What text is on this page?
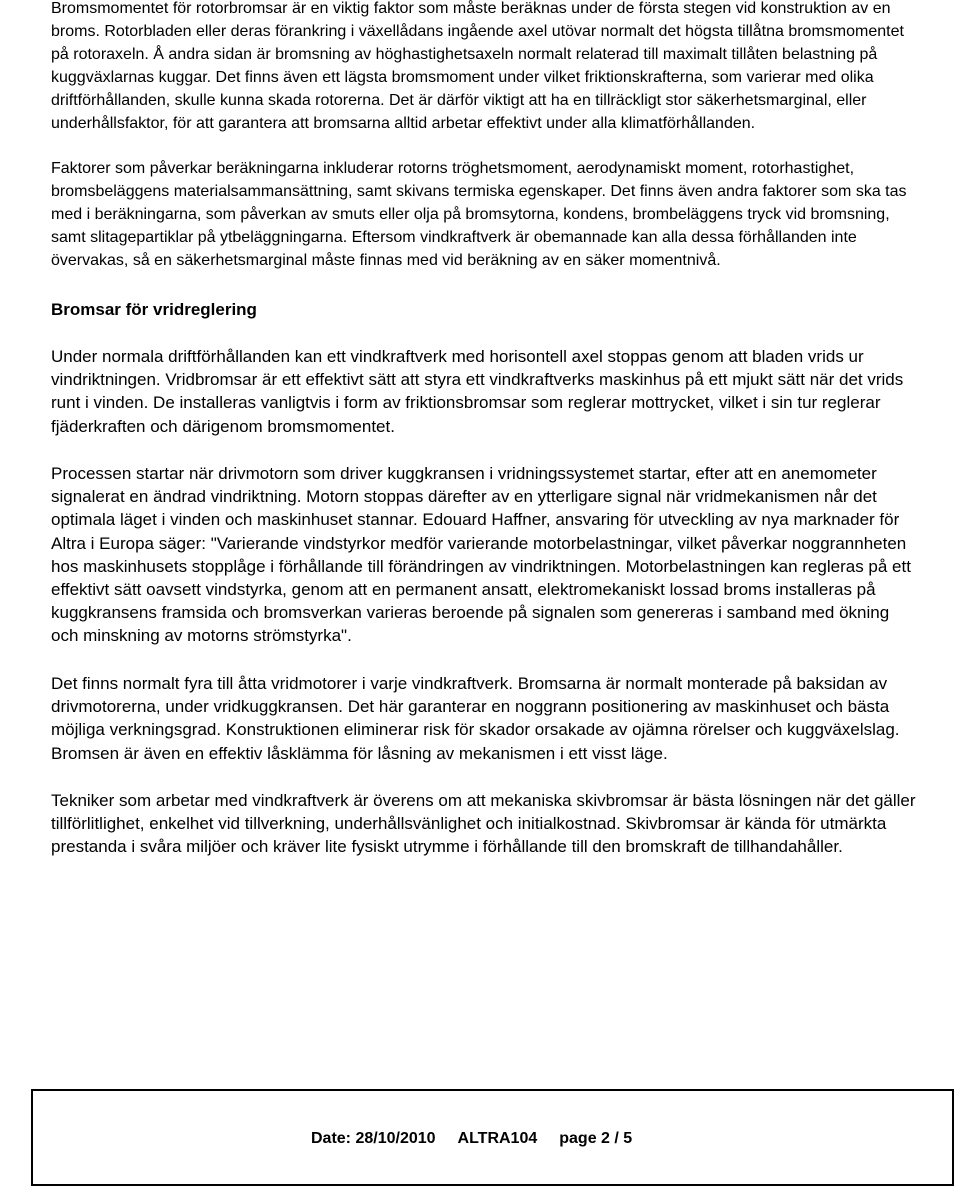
Bromsmomentet för rotorbromsar är en viktig faktor som måste beräknas under de första stegen vid konstruktion av en broms. Rotorbladen eller deras förankring i växellådans ingående axel utövar normalt det högsta tillåtna bromsmomentet på rotoraxeln. Å andra sidan är bromsning av höghastighetsaxeln normalt relaterad till maximalt tillåten belastning på kuggväxlarnas kuggar. Det finns även ett lägsta bromsmoment under vilket friktionskrafterna, som varierar med olika driftförhållanden, skulle kunna skada rotorerna. Det är därför viktigt att ha en tillräckligt stor säkerhetsmarginal, eller underhållsfaktor, för att garantera att bromsarna alltid arbetar effektivt under alla klimatförhållanden.

Faktorer som påverkar beräkningarna inkluderar rotorns tröghetsmoment, aerodynamiskt moment, rotorhastighet, bromsbeläggens materialsammansättning, samt skivans termiska egenskaper. Det finns även andra faktorer som ska tas med i beräkningarna, som påverkan av smuts eller olja på bromsytorna, kondens, brombeläggens tryck vid bromsning, samt slitagepartiklar på ytbeläggningarna. Eftersom vindkraftverk är obemannade kan alla dessa förhållanden inte övervakas, så en säkerhetsmarginal måste finnas med vid beräkning av en säker momentnivå.

Bromsar för vridreglering

Under normala driftförhållanden kan ett vindkraftverk med horisontell axel stoppas genom att bladen vrids ur vindriktningen. Vridbromsar är ett effektivt sätt att styra ett vindkraftverks maskinhus på ett mjukt sätt när det vrids runt i vinden. De installeras vanligtvis i form av friktionsbromsar som reglerar mottrycket, vilket i sin tur reglerar fjäderkraften och därigenom bromsmomentet.

Processen startar när drivmotorn som driver kuggkransen i vridningssystemet startar, efter att en anemometer signalerat en ändrad vindriktning. Motorn stoppas därefter av en ytterligare signal när vridmekanismen når det optimala läget i vinden och maskinhuset stannar. Edouard Haffner, ansvaring för utveckling av nya marknader för Altra i Europa säger: "Varierande vindstyrkor medför varierande motorbelastningar, vilket påverkar noggrannheten hos maskinhusets stopplåge i förhållande till förändringen av vindriktningen. Motorbelastningen kan regleras på ett effektivt sätt oavsett vindstyrka, genom att en permanent ansatt, elektromekaniskt lossad broms installeras på kuggkransens framsida och bromsverkan varieras beroende på signalen som genereras i samband med ökning och minskning av motorns strömstyrka".

Det finns normalt fyra till åtta vridmotorer i varje vindkraftverk. Bromsarna är normalt monterade på baksidan av drivmotorerna, under vridkuggkransen. Det här garanterar en noggrann positionering av maskinhuset och bästa möjliga verkningsgrad. Konstruktionen eliminerar risk för skador orsakade av ojämna rörelser och kuggväxelslag. Bromsen är även en effektiv låsklämma för låsning av mekanismen i ett visst läge.

Tekniker som arbetar med vindkraftverk är överens om att mekaniska skivbromsar är bästa lösningen när det gäller tillförlitlighet, enkelhet vid tillverkning, underhållsvänlighet och initialkostnad. Skivbromsar är kända för utmärkta prestanda i svåra miljöer och kräver lite fysiskt utrymme i förhållande till den bromskraft de tillhandahåller.

Date: 28/10/2010 ALTRA104 page 2 / 5
